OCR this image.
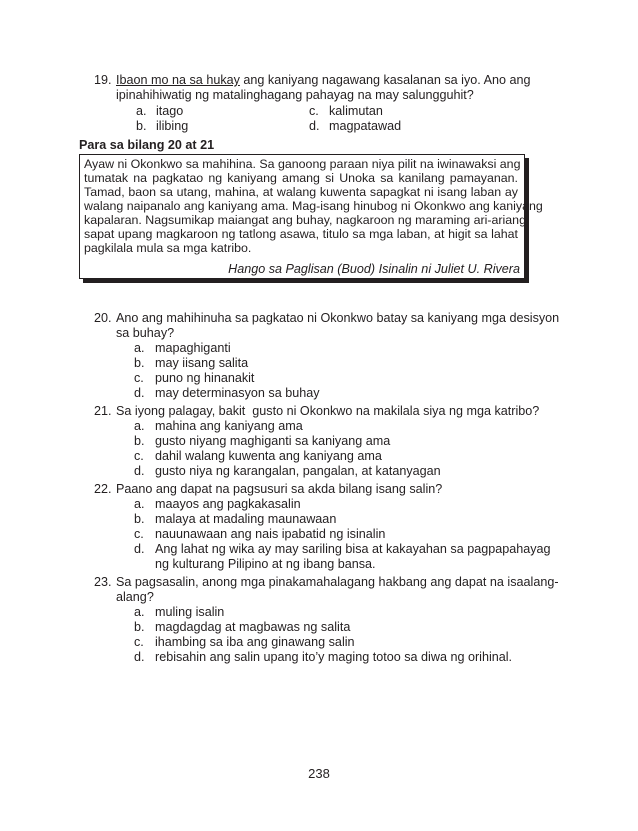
19. Ibaon mo na sa hukay ang kaniyang nagawang kasalanan sa iyo. Ano ang
ipinahihiwatig ng matalinghagang pahayag na may salungguhit?
a. itago
b. ilibing
c. kalimutan
d. magpatawad
Para sa bilang 20 at 21
Ayaw ni Okonkwo sa mahihina. Sa ganoong paraan niya pilit na iwinawaksi ang
tumatak na pagkatao ng kaniyang amang si Unoka sa kanilang pamayanan.
Tamad, baon sa utang, mahina, at walang kuwenta sapagkat ni isang laban ay
walang naipanalo ang kaniyang ama. Mag-isang hinubog ni Okonkwo ang kaniyang
kapalaran. Nagsumikap maiangat ang buhay, nagkaroon ng maraming ari-ariang
sapat upang magkaroon ng tatlong asawa, titulo sa mga laban, at higit sa lahat
pagkilala mula sa mga katribo.
Hango sa Paglisan (Buod) Isinalin ni Juliet U. Rivera
20. Ano ang mahihinuha sa pagkatao ni Okonkwo batay sa kaniyang mga desisyon
sa buhay?
a. mapaghiganti
b. may iisang salita
c. puno ng hinanakit
d. may determinasyon sa buhay
21. Sa iyong palagay, bakit  gusto ni Okonkwo na makilala siya ng mga katribo?
a. mahina ang kaniyang ama
b. gusto niyang maghiganti sa kaniyang ama
c. dahil walang kuwenta ang kaniyang ama
d. gusto niya ng karangalan, pangalan, at katanyagan
22. Paano ang dapat na pagsusuri sa akda bilang isang salin?
a. maayos ang pagkakasalin
b. malaya at madaling maunawaan
c. nauunawaan ang nais ipabatid ng isinalin
d. Ang lahat ng wika ay may sariling bisa at kakayahan sa pagpapahayag
ng kulturang Pilipino at ng ibang bansa.
23. Sa pagsasalin, anong mga pinakamahalagang hakbang ang dapat na isaalang-
alang?
a. muling isalin
b. magdagdag at magbawas ng salita
c. ihambing sa iba ang ginawang salin
d. rebisahin ang salin upang ito’y maging totoo sa diwa ng orihinal.
238
